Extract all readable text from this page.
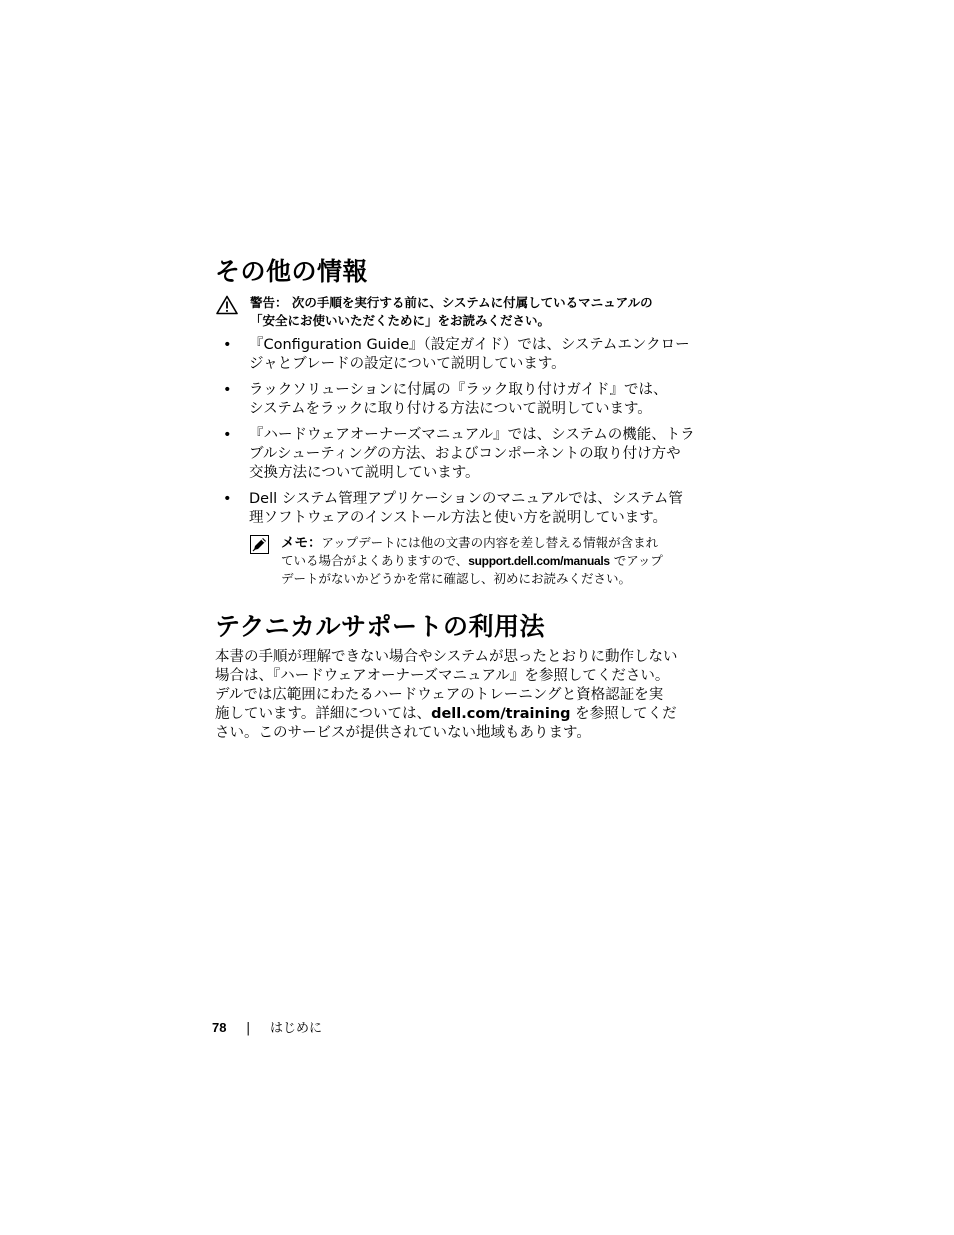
その他の情報
警告： 次の手順を実行する前に、システムに付属しているマニュアルの
「安全にお使いいただくために」をお読みください。
• 『Configuration Guide』（設定ガイド）では、システムエンクロー
ジャとブレードの設定について説明しています。
• ラックソリューションに付属の『ラック取り付けガイド』では、
システムをラックに取り付ける方法について説明しています。
• 『ハードウェアオーナーズマニュアル』では、システムの機能、トラ
ブルシューティングの方法、およびコンポーネントの取り付け方や
交換方法について説明しています。
• Dell システム管理アプリケーションのマニュアルでは、システム管
理ソフトウェアのインストール方法と使い方を説明しています。
メモ：アップデートには他の文書の内容を差し替える情報が含まれ
ている場合がよくありますので、support.dell.com/manuals でアップ
デートがないかどうかを常に確認し、初めにお読みください。
テクニカルサポートの利用法
本書の手順が理解できない場合やシステムが思ったとおりに動作しない
場合は、『ハードウェアオーナーズマニュアル』を参照してください。
デルでは広範囲にわたるハードウェアのトレーニングと資格認証を実
施しています。詳細については、dell.com/training を参照してくだ
さい。このサービスが提供されていない地域もあります。
78 | はじめに
